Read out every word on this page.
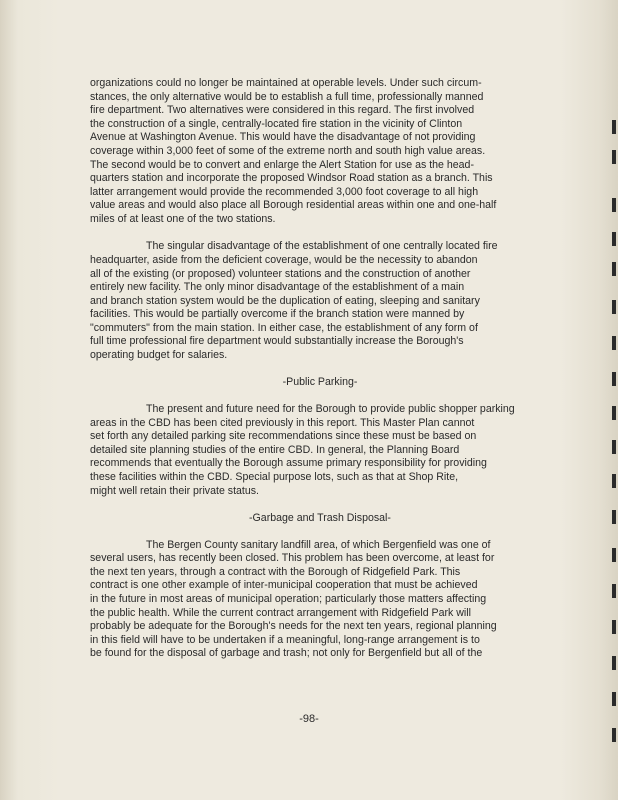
organizations could no longer be maintained at operable levels. Under such circum-
stances, the only alternative would be to establish a full time, professionally manned
fire department. Two alternatives were considered in this regard. The first involved
the construction of a single, centrally-located fire station in the vicinity of Clinton
Avenue at Washington Avenue. This would have the disadvantage of not providing
coverage within 3,000 feet of some of the extreme north and south high value areas.
The second would be to convert and enlarge the Alert Station for use as the head-
quarters station and incorporate the proposed Windsor Road station as a branch. This
latter arrangement would provide the recommended 3,000 foot coverage to all high
value areas and would also place all Borough residential areas within one and one-half
miles of at least one of the two stations.
The singular disadvantage of the establishment of one centrally located fire
headquarter, aside from the deficient coverage, would be the necessity to abandon
all of the existing (or proposed) volunteer stations and the construction of another
entirely new facility. The only minor disadvantage of the establishment of a main
and branch station system would be the duplication of eating, sleeping and sanitary
facilities. This would be partially overcome if the branch station were manned by
"commuters" from the main station. In either case, the establishment of any form of
full time professional fire department would substantially increase the Borough's
operating budget for salaries.
-Public Parking-
The present and future need for the Borough to provide public shopper parking
areas in the CBD has been cited previously in this report. This Master Plan cannot
set forth any detailed parking site recommendations since these must be based on
detailed site planning studies of the entire CBD. In general, the Planning Board
recommends that eventually the Borough assume primary responsibility for providing
these facilities within the CBD. Special purpose lots, such as that at Shop Rite,
might well retain their private status.
-Garbage and Trash Disposal-
The Bergen County sanitary landfill area, of which Bergenfield was one of
several users, has recently been closed. This problem has been overcome, at least for
the next ten years, through a contract with the Borough of Ridgefield Park. This
contract is one other example of inter-municipal cooperation that must be achieved
in the future in most areas of municipal operation; particularly those matters affecting
the public health. While the current contract arrangement with Ridgefield Park will
probably be adequate for the Borough's needs for the next ten years, regional planning
in this field will have to be undertaken if a meaningful, long-range arrangement is to
be found for the disposal of garbage and trash; not only for Bergenfield but all of the
-98-
